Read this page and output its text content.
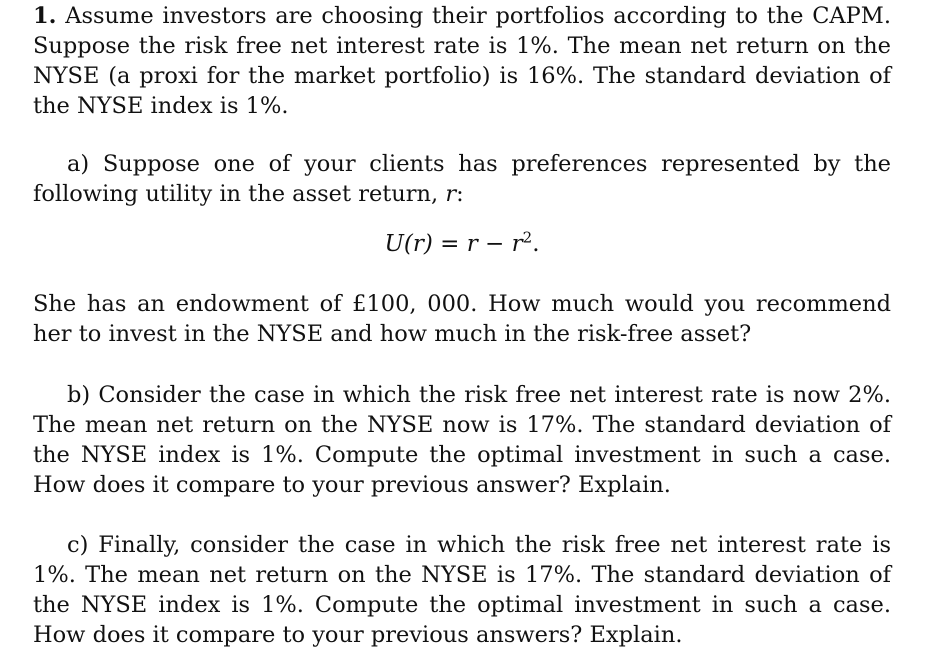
1. Assume investors are choosing their portfolios according to the CAPM. Suppose the risk free net interest rate is 1%. The mean net return on the NYSE (a proxi for the market portfolio) is 16%. The standard deviation of the NYSE index is 1%.

a) Suppose one of your clients has preferences represented by the following utility in the asset return, r:

$U(r) = r - r^2$.

She has an endowment of £100, 000. How much would you recommend her to invest in the NYSE and how much in the risk-free asset?

b) Consider the case in which the risk free net interest rate is now 2%. The mean net return on the NYSE now is 17%. The standard deviation of the NYSE index is 1%. Compute the optimal investment in such a case. How does it compare to your previous answer? Explain.

c) Finally, consider the case in which the risk free net interest rate is 1%. The mean net return on the NYSE is 17%. The standard deviation of the NYSE index is 1%. Compute the optimal investment in such a case. How does it compare to your previous answers? Explain.
